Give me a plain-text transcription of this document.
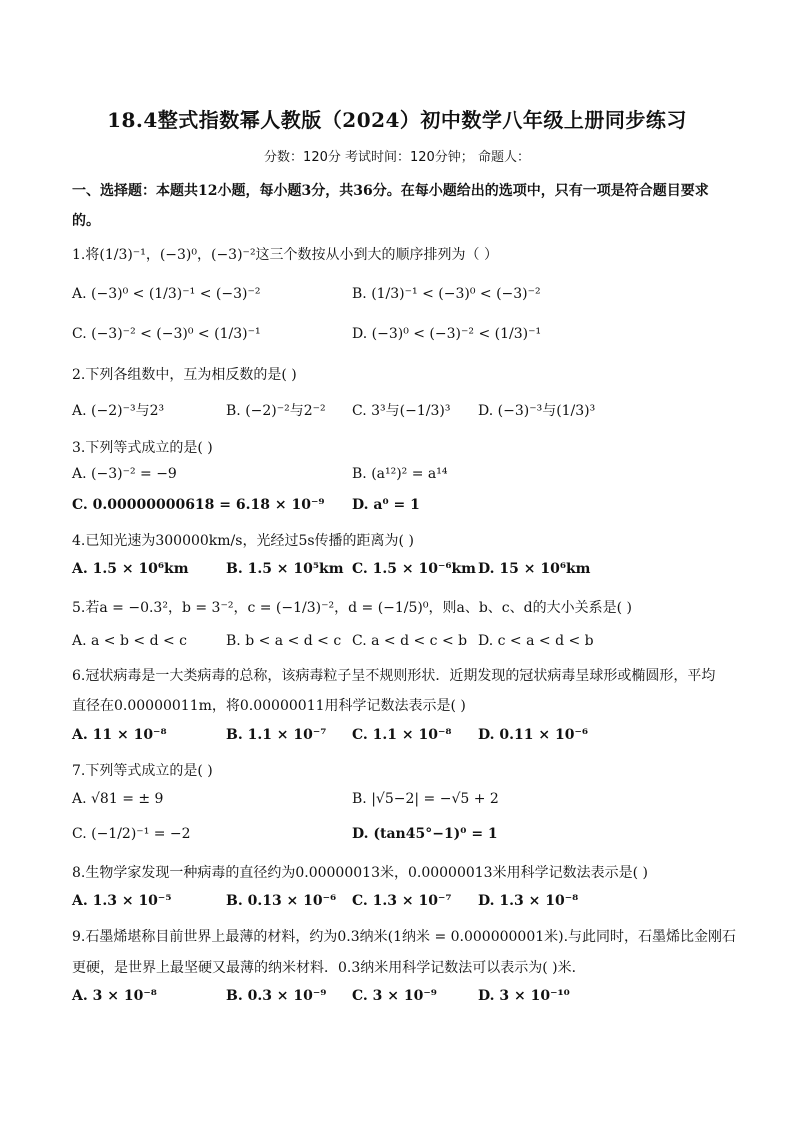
18.4整式指数幂人教版（2024）初中数学八年级上册同步练习
分数：120分 考试时间：120分钟； 命题人：
一、选择题：本题共12小题，每小题3分，共36分。在每小题给出的选项中，只有一项是符合题目要求的。
1.将(1/3)⁻¹，(−3)⁰，(−3)⁻²这三个数按从小到大的顺序排列为（ ）
A. (−3)⁰ < (1/3)⁻¹ < (−3)⁻²	B. (1/3)⁻¹ < (−3)⁰ < (−3)⁻²
C. (−3)⁻² < (−3)⁰ < (1/3)⁻¹	D. (−3)⁰ < (−3)⁻² < (1/3)⁻¹
2.下列各组数中，互为相反数的是( )
A. (−2)⁻³与2³	B. (−2)⁻²与2⁻² C. 3³与(−1/3)³ D. (−3)⁻³与(1/3)³
3.下列等式成立的是( )
A. (−3)⁻² = −9	B. (a¹²)² = a¹⁴
C. 0.00000000618 = 6.18 × 10⁻⁹ D. a⁰ = 1
4.已知光速为300000km/s，光经过5s传播的距离为( )
A. 1.5 × 10⁶km	B. 1.5 × 10⁵km C. 1.5 × 10⁻⁶km D. 15 × 10⁶km
5.若a = −0.3²，b = 3⁻²，c = (−1/3)⁻²，d = (−1/5)⁰，则a、b、c、d的大小关系是( )
A. a < b < d < c	B. b < a < d < c C. a < d < c < b D. c < a < d < b
6.冠状病毒是一大类病毒的总称，该病毒粒子呈不规则形状．近期发现的冠状病毒呈球形或椭圆形，平均
直径在0.00000011m，将0.00000011用科学记数法表示是( )
A. 11 × 10⁻⁸	B. 1.1 × 10⁻⁷ C. 1.1 × 10⁻⁸ D. 0.11 × 10⁻⁶
7.下列等式成立的是( )
A. √81 = ± 9	B. |√5−2| = −√5 + 2
C. (−1/2)⁻¹ = −2	D. (tan45°−1)⁰ = 1
8.生物学家发现一种病毒的直径约为0.00000013米，0.00000013米用科学记数法表示是( )
A. 1.3 × 10⁻⁵	B. 0.13 × 10⁻⁶ C. 1.3 × 10⁻⁷ D. 1.3 × 10⁻⁸
9.石墨烯堪称目前世界上最薄的材料，约为0.3纳米(1纳米 = 0.000000001米).与此同时，石墨烯比金刚石
更硬，是世界上最坚硬又最薄的纳米材料．0.3纳米用科学记数法可以表示为( )米．
A. 3 × 10⁻⁸	B. 0.3 × 10⁻⁹ C. 3 × 10⁻⁹	D. 3 × 10⁻¹⁰
